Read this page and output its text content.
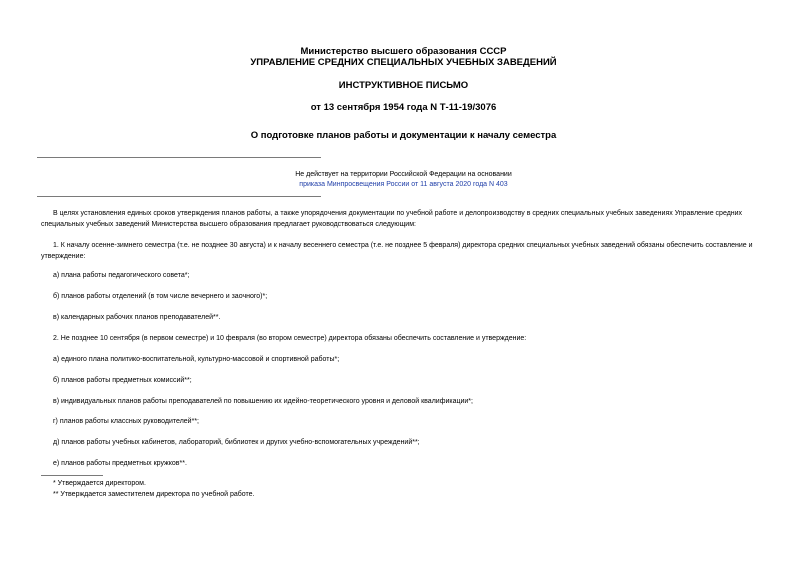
Министерство высшего образования СССР
УПРАВЛЕНИЕ СРЕДНИХ СПЕЦИАЛЬНЫХ УЧЕБНЫХ ЗАВЕДЕНИЙ
ИНСТРУКТИВНОЕ ПИСЬМО
от 13 сентября 1954 года N Т-11-19/3076
О подготовке планов работы и документации к началу семестра
Не действует на территории Российской Федерации на основании
приказа Минпросвещения России от 11 августа 2020 года N 403
В целях установления единых сроков утверждения планов работы, а также упорядочения документации по учебной работе и делопроизводству в средних специальных учебных заведениях Управление средних специальных учебных заведений Министерства высшего образования предлагает руководствоваться следующим:
1. К началу осенне-зимнего семестра (т.е. не позднее 30 августа) и к началу весеннего семестра (т.е. не позднее 5 февраля) директора средних специальных учебных заведений обязаны обеспечить составление и утверждение:
а) плана работы педагогического совета*;
б) планов работы отделений (в том числе вечернего и заочного)*;
в) календарных рабочих планов преподавателей**.
2. Не позднее 10 сентября (в первом семестре) и 10 февраля (во втором семестре) директора обязаны обеспечить составление и утверждение:
а) единого плана политико-воспитательной, культурно-массовой и спортивной работы*;
б) планов работы предметных комиссий**;
в) индивидуальных планов работы преподавателей по повышению их идейно-теоретического уровня и деловой квалификации*;
г) планов работы классных руководителей**;
д) планов работы учебных кабинетов, лабораторий, библиотек и других учебно-вспомогательных учреждений**;
е) планов работы предметных кружков**.
* Утверждается директором.
** Утверждается заместителем директора по учебной работе.
